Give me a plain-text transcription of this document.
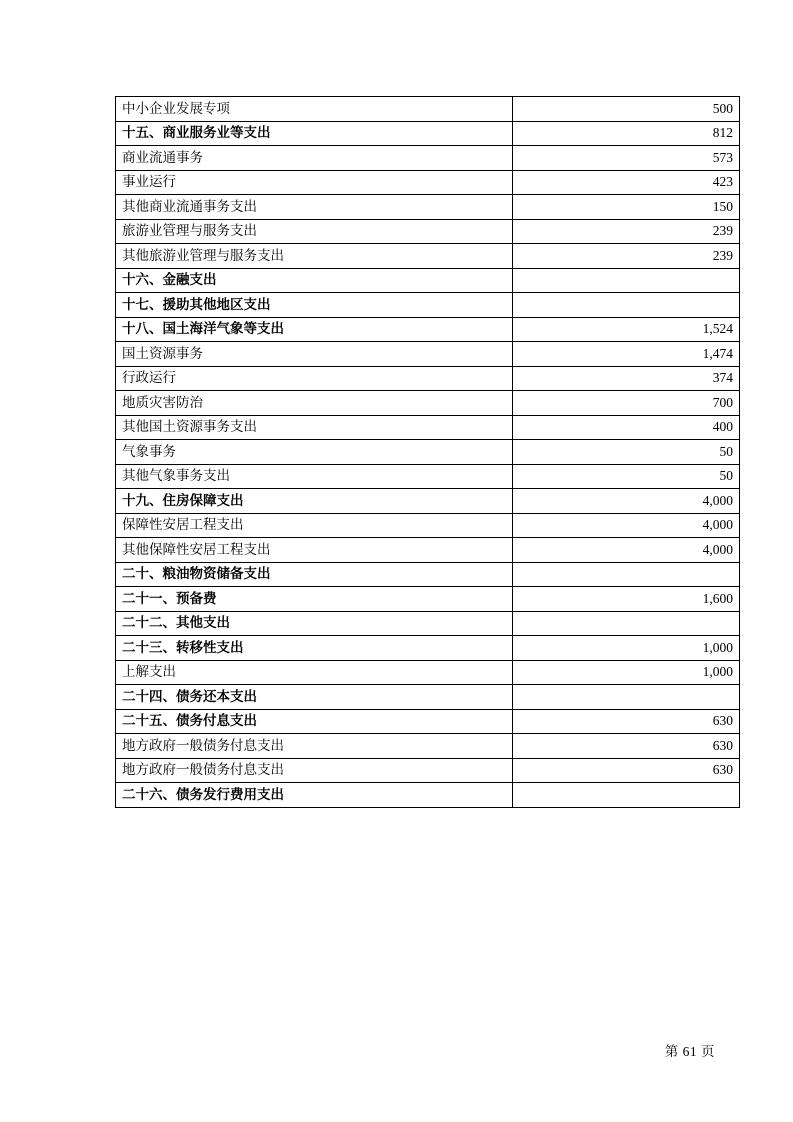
中小企业发展专项	500
十五、商业服务业等支出	812
商业流通事务	573
事业运行	423
其他商业流通事务支出	150
旅游业管理与服务支出	239
其他旅游业管理与服务支出	239
十六、金融支出	
十七、援助其他地区支出	
十八、国土海洋气象等支出	1,524
国土资源事务	1,474
行政运行	374
地质灾害防治	700
其他国土资源事务支出	400
气象事务	50
其他气象事务支出	50
十九、住房保障支出	4,000
保障性安居工程支出	4,000
其他保障性安居工程支出	4,000
二十、粮油物资储备支出	
二十一、预备费	1,600
二十二、其他支出	
二十三、转移性支出	1,000
上解支出	1,000
二十四、债务还本支出	
二十五、债务付息支出	630
地方政府一般债务付息支出	630
地方政府一般债务付息支出	630
二十六、债务发行费用支出	
第 61 页
